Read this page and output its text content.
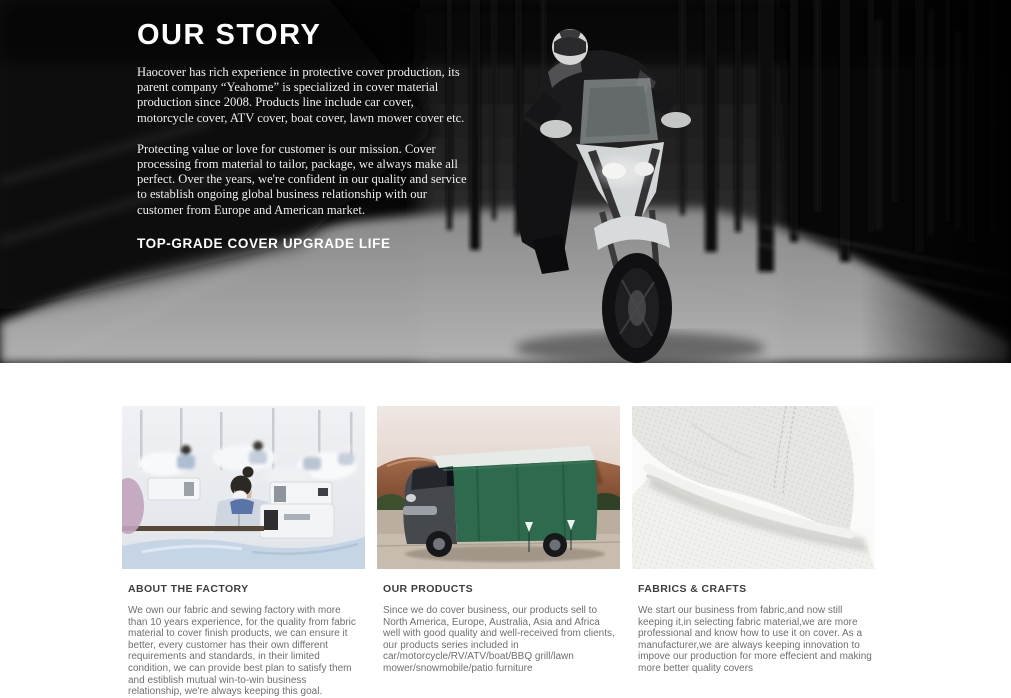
OUR STORY

Haocover has rich experience in protective cover production, its parent company “Yeahome” is specialized in cover material production since 2008. Products line include car cover, motorcycle cover, ATV cover, boat cover, lawn mower cover etc.

Protecting value or love for customer is our mission. Cover processing from material to tailor, package, we always make all perfect. Over the years, we're confident in our quality and service to establish ongoing global business relationship with our customer from Europe and American market.

TOP-GRADE COVER UPGRADE LIFE
ABOUT THE FACTORY

We own our fabric and sewing factory with more than 10 years experience, for the quality from fabric material to cover finish products, we can ensure it better, every customer has their own different requirements and standards, in their limited condition, we can provide best plan to satisfy them and estiblish mutual win-to-win business relationship, we're always keeping this goal.

OUR PRODUCTS

Since we do cover business, our products sell to North America, Europe, Australia, Asia and Africa well with good quality and well-received from clients, our products series included in car/motorcycle/RV/ATV/boat/BBQ grill/lawn mower/snowmobile/patio furniture

FABRICS & CRAFTS

We start our business from fabric,and now still keeping it,in selecting fabric material,we are more professional and know how to use it on cover. As a manufacturer,we are always keeping innovation to impove our production for more effecient and making more better quality covers
